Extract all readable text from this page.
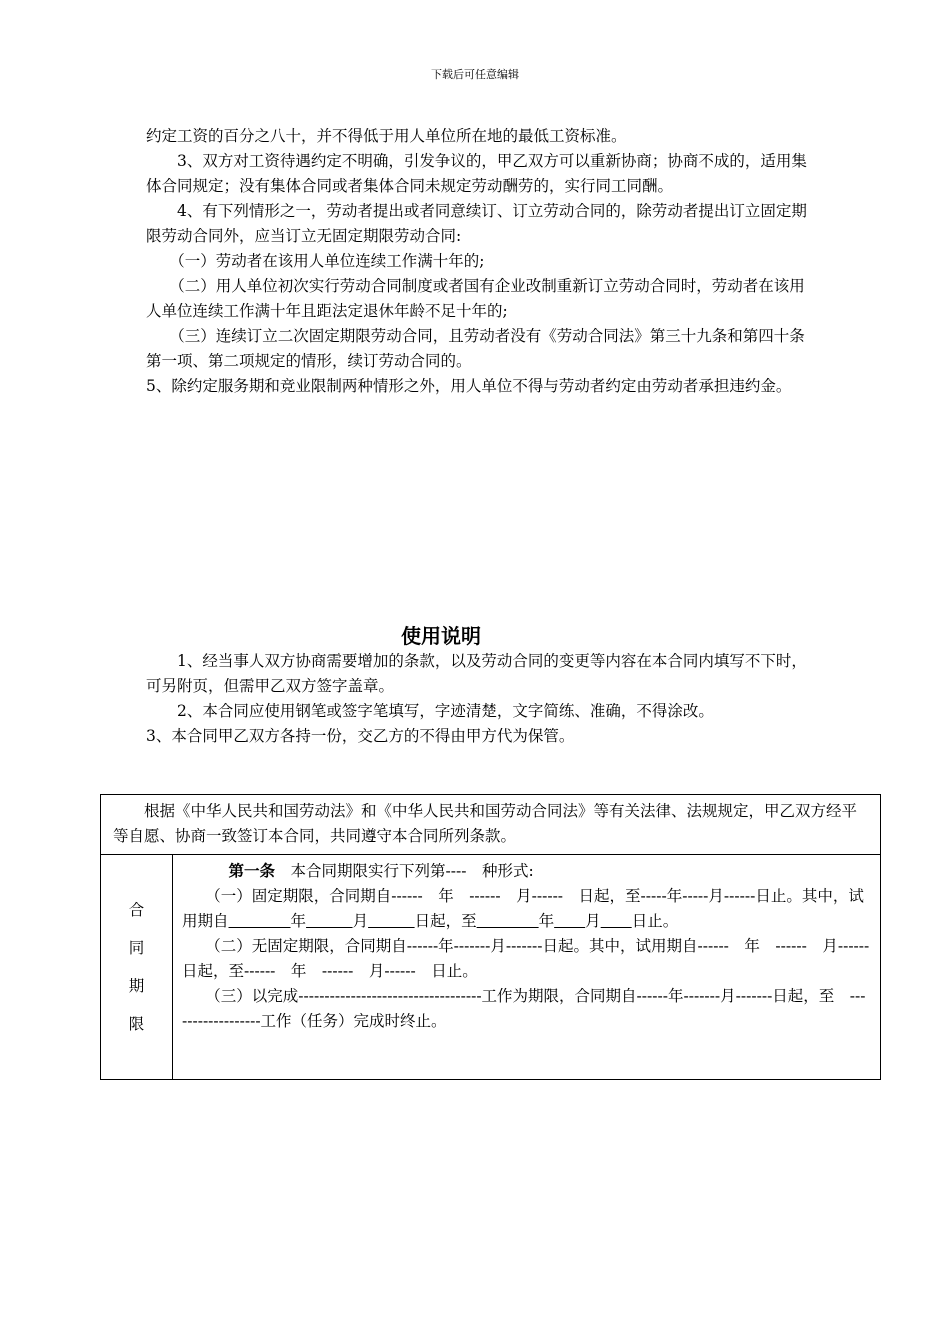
下载后可任意编辑

约定工资的百分之八十，并不得低于用人单位所在地的最低工资标准。

　　3、双方对工资待遇约定不明确，引发争议的，甲乙双方可以重新协商；协商不成的，适用集体合同规定；没有集体合同或者集体合同未规定劳动酬劳的，实行同工同酬。

　　4、有下列情形之一，劳动者提出或者同意续订、订立劳动合同的，除劳动者提出订立固定期限劳动合同外，应当订立无固定期限劳动合同:

　　（一）劳动者在该用人单位连续工作满十年的;

　　（二）用人单位初次实行劳动合同制度或者国有企业改制重新订立劳动合同时，劳动者在该用人单位连续工作满十年且距法定退休年龄不足十年的;

　　（三）连续订立二次固定期限劳动合同，且劳动者没有《劳动合同法》第三十九条和第四十条第一项、第二项规定的情形，续订劳动合同的。

5、除约定服务期和竞业限制两种情形之外，用人单位不得与劳动者约定由劳动者承担违约金。

使用说明

　　1、经当事人双方协商需要增加的条款，以及劳动合同的变更等内容在本合同内填写不下时，可另附页，但需甲乙双方签字盖章。

　　2、本合同应使用钢笔或签字笔填写，字迹清楚，文字简练、准确，不得涂改。

3、本合同甲乙双方各持一份，交乙方的不得由甲方代为保管。

　　根据《中华人民共和国劳动法》和《中华人民共和国劳动合同法》等有关法律、法规规定，甲乙双方经平等自愿、协商一致签订本合同，共同遵守本合同所列条款。

合
同
期
限

　　　第一条　本合同期限实行下列第----　种形式:

　　（一）固定期限，合同期自------　年　------　月------　日起，至-----年-----月------日止。其中，试用期自　　　　	年　　　	月　　　	日起，至　　　　	年　　 月　　 日止。

　　（二）无固定期限，合同期自------年-------月-------日起。其中，试用期自------　年　------　月------　日起，至------　年　------　月------　日止。

　　（三）以完成-----------------------------------工作为期限，合同期自------年-------月-------日起，至　------------------工作（任务）完成时终止。
